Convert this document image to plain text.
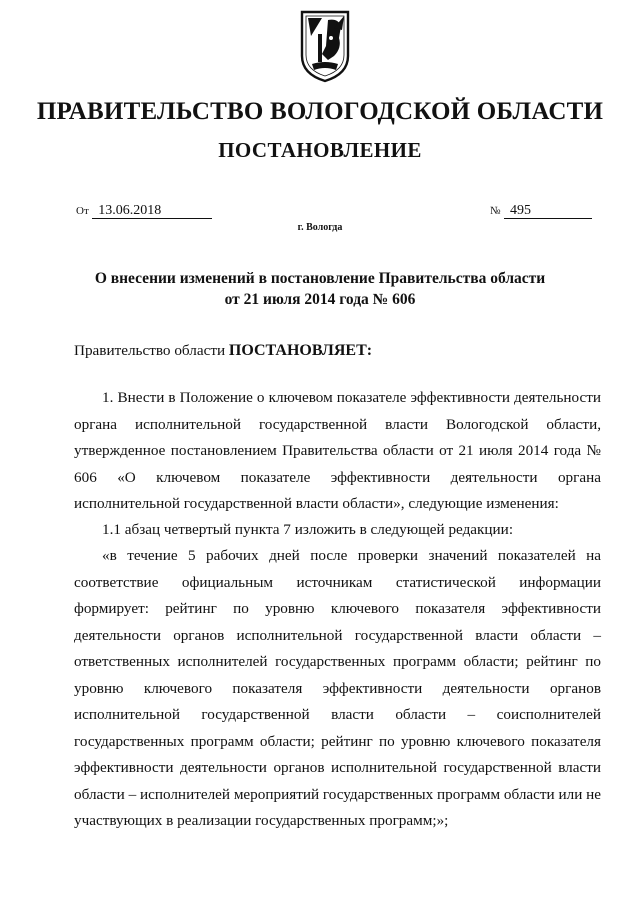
ПРАВИТЕЛЬСТВО ВОЛОГОДСКОЙ ОБЛАСТИ
ПОСТАНОВЛЕНИЕ
От 13.06.2018	№ 495
г. Вологда
О внесении изменений в постановление Правительства области
от 21 июля 2014 года № 606
Правительство области ПОСТАНОВЛЯЕТ:
1. Внести в Положение о ключевом показателе эффективности деятельности органа исполнительной государственной власти Вологодской области, утвержденное постановлением Правительства области от 21 июля 2014 года № 606 «О ключевом показателе эффективности деятельности органа исполнительной государственной власти области», следующие изменения:
1.1 абзац четвертый пункта 7 изложить в следующей редакции:
«в течение 5 рабочих дней после проверки значений показателей на соответствие официальным источникам статистической информации формирует: рейтинг по уровню ключевого показателя эффективности деятельности органов исполнительной государственной власти области – ответственных исполнителей государственных программ области; рейтинг по уровню ключевого показателя эффективности деятельности органов исполнительной государственной власти области – соисполнителей государственных программ области; рейтинг по уровню ключевого показателя эффективности деятельности органов исполнительной государственной власти области – исполнителей мероприятий государственных программ области или не участвующих в реализации государственных программ;»;
